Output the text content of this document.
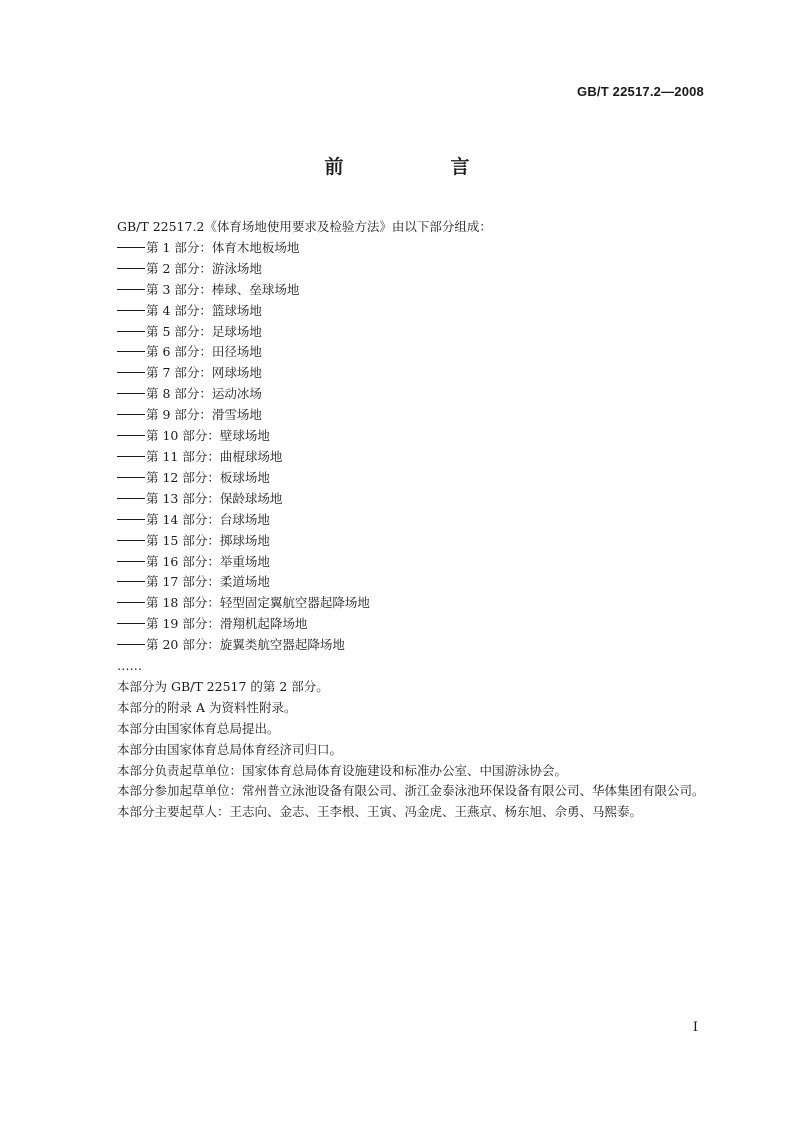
GB/T 22517.2—2008
前　言
GB/T 22517.2《体育场地使用要求及检验方法》由以下部分组成：
第 1 部分：体育木地板场地
第 2 部分：游泳场地
第 3 部分：棒球、垒球场地
第 4 部分：篮球场地
第 5 部分：足球场地
第 6 部分：田径场地
第 7 部分：网球场地
第 8 部分：运动冰场
第 9 部分：滑雪场地
第 10 部分：壁球场地
第 11 部分：曲棍球场地
第 12 部分：板球场地
第 13 部分：保龄球场地
第 14 部分：台球场地
第 15 部分：掷球场地
第 16 部分：举重场地
第 17 部分：柔道场地
第 18 部分：轻型固定翼航空器起降场地
第 19 部分：滑翔机起降场地
第 20 部分：旋翼类航空器起降场地
……
本部分为 GB/T 22517 的第 2 部分。
本部分的附录 A 为资料性附录。
本部分由国家体育总局提出。
本部分由国家体育总局体育经济司归口。
本部分负责起草单位：国家体育总局体育设施建设和标准办公室、中国游泳协会。
本部分参加起草单位：常州普立泳池设备有限公司、浙江金泰泳池环保设备有限公司、华体集团有限公司。
本部分主要起草人：王志向、金志、王李根、王寅、冯金虎、王燕京、杨东旭、佘勇、马熙泰。
I
